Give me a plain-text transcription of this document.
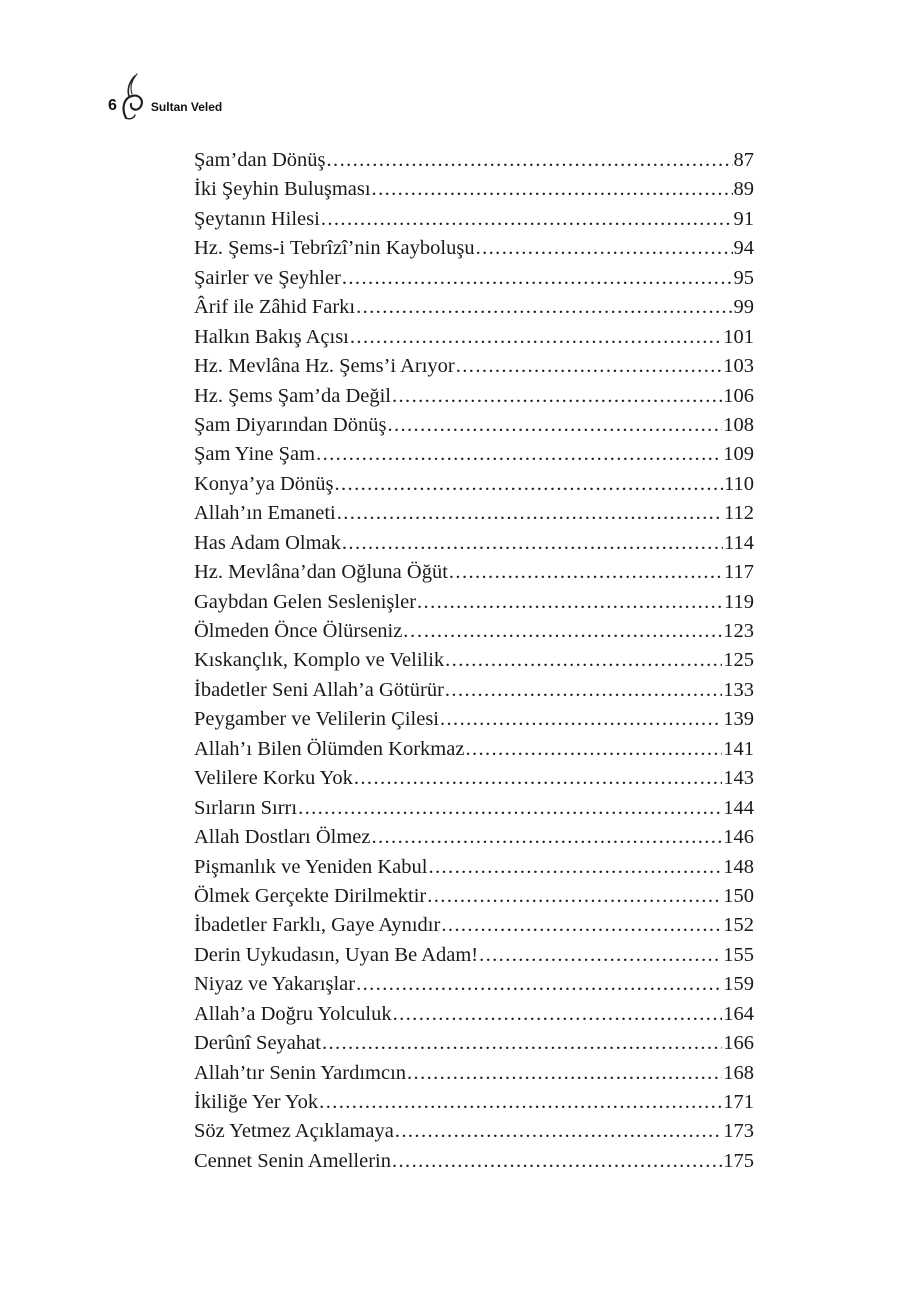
6	Sultan Veled
Şam’dan Dönüş .....	87
İki Şeyhin Buluşması .....	89
Şeytanın Hilesi .....	91
Hz. Şems-i Tebrîzî’nin Kayboluşu .....	94
Şairler ve Şeyhler .....	95
Ârif ile Zâhid Farkı .....	99
Halkın Bakış Açısı .....	101
Hz. Mevlâna Hz. Şems’i Arıyor .....	103
Hz. Şems Şam’da Değil .....	106
Şam Diyarından Dönüş .....	108
Şam Yine Şam .....	109
Konya’ya Dönüş .....	110
Allah’ın Emaneti .....	112
Has Adam Olmak .....	114
Hz. Mevlâna’dan Oğluna Öğüt .....	117
Gaybdan Gelen Seslenişler .....	119
Ölmeden Önce Ölürseniz… .....	123
Kıskançlık, Komplo ve Velilik .....	125
İbadetler Seni Allah’a Götürür .....	133
Peygamber ve Velilerin Çilesi .....	139
Allah’ı Bilen Ölümden Korkmaz .....	141
Velilere Korku Yok .....	143
Sırların Sırrı .....	144
Allah Dostları Ölmez .....	146
Pişmanlık ve Yeniden Kabul .....	148
Ölmek Gerçekte Dirilmektir .....	150
İbadetler Farklı, Gaye Aynıdır .....	152
Derin Uykudasın, Uyan Be Adam! .....	155
Niyaz ve Yakarışlar .....	159
Allah’a Doğru Yolculuk .....	164
Derûnî Seyahat .....	166
Allah’tır Senin Yardımcın .....	168
İkiliğe Yer Yok .....	171
Söz Yetmez Açıklamaya .....	173
Cennet Senin Amellerin .....	175
